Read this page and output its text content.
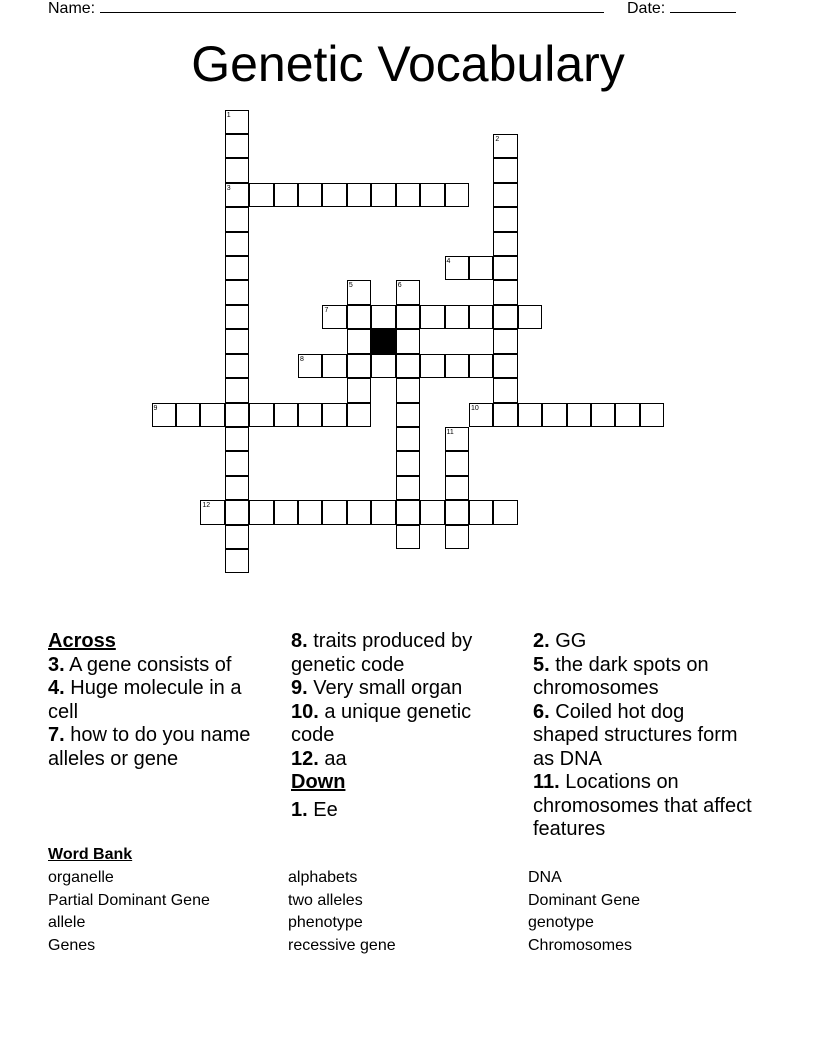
Name:	Date:
Genetic Vocabulary
1
2
3
4
5	6
7
8
9	10
11
12
Across
3. A gene consists of
4. Huge molecule in a cell
7. how to do you name alleles or gene
8. traits produced by genetic code
9. Very small organ
10. a unique genetic code
12. aa
Down
1. Ee
2. GG
5. the dark spots on chromosomes
6. Coiled hot dog shaped structures form as DNA
11. Locations on chromosomes that affect features
Word Bank
organelle
Partial Dominant Gene
allele
Genes
alphabets
two alleles
phenotype
recessive gene
DNA
Dominant Gene
genotype
Chromosomes
